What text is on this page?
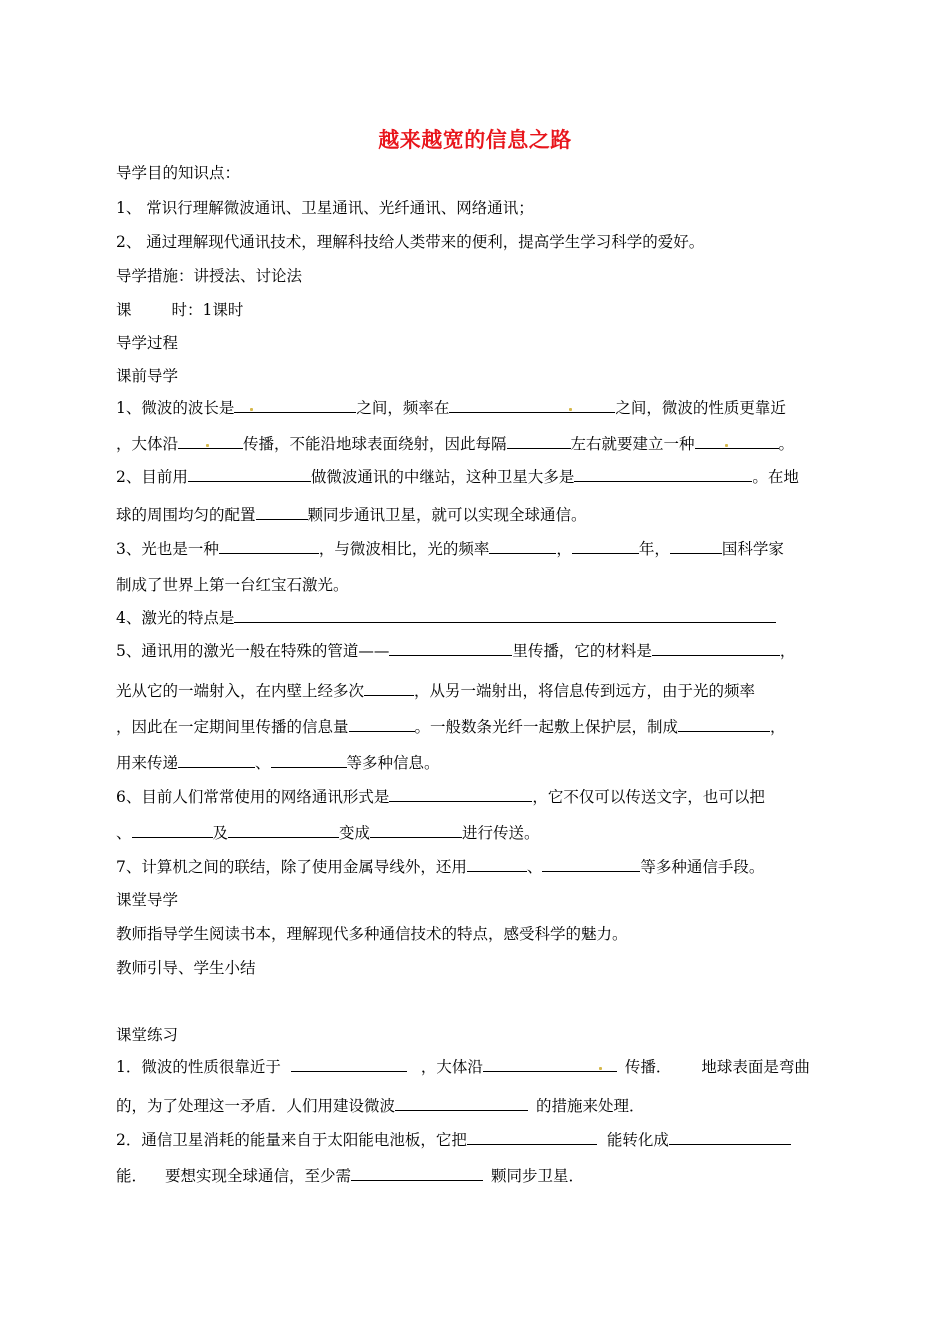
越来越宽的信息之路
导学目的知识点：
1、 常识行理解微波通讯、卫星通讯、光纤通讯、网络通讯；
2、 通过理解现代通讯技术，理解科技给人类带来的便利，提高学生学习科学的爱好。
导学措施：讲授法、讨论法
课	时：1课时
导学过程
课前导学
1、微波的波长是	之间，频率在	之间，微波的性质更靠近
，大体沿	传播，不能沿地球表面绕射，因此每隔	左右就要建立一种	。
2、目前用	做微波通讯的中继站，这种卫星大多是	。在地
球的周围均匀的配置	颗同步通讯卫星，就可以实现全球通信。
3、光也是一种	，与微波相比，光的频率	，	年，	国科学家
制成了世界上第一台红宝石激光。
4、激光的特点是
5、通讯用的激光一般在特殊的管道——	里传播，它的材料是	，
光从它的一端射入，在内壁上经多次	，从另一端射出，将信息传到远方，由于光的频率
，因此在一定期间里传播的信息量	。一般数条光纤一起敷上保护层，制成	，
用来传递	、	等多种信息。
6、目前人们常常使用的网络通讯形式是	，它不仅可以传送文字，也可以把
、	及	变成	进行传送。
7、计算机之间的联结，除了使用金属导线外，还用	、	等多种通信手段。
课堂导学
教师指导学生阅读书本，理解现代多种通信技术的特点，感受科学的魅力。
教师引导、学生小结
课堂练习
1．微波的性质很靠近于	，大体沿	传播． 地球表面是弯曲
的，为了处理这一矛盾．人们用建设微波	的措施来处理．
2．通信卫星消耗的能量来自于太阳能电池板，它把	能转化成
能． 要想实现全球通信，至少需	颗同步卫星．
